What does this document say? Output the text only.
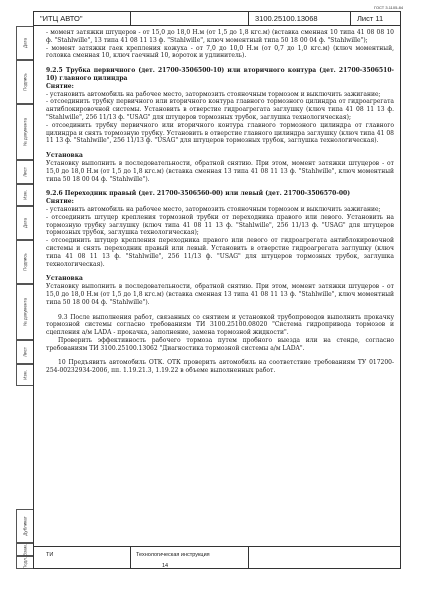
ГОСТ 3.1105-84
Дата
Подпись
№ документа
Лист
Изм.
Дата
Подпись
№ документа
Лист
Изм.
Дубликат
Взам.
Подл.
"ИТЦ АВТО"	3100.25100.13068	Лист 11

- момент затяжки штуцеров - от 15,0 до 18,0 Н.м (от 1,5 до 1,8 кгс.м) (вставка сменная 10 типа 41 08 08 10 ф. "Stahlwille", 13 типа 41 08 11 13 ф. "Stahlwille", ключ моментный типа 50 18 00 04 ф. "Stahlwille");

- момент затяжки гаек крепления кожуха - от 7,0 до 10,0 Н.м (от 0,7 до 1,0 кгс.м) (ключ моментный, головка сменная 10, ключ гаечный 10, вороток и удлинитель).

9.2.5 Трубка первичного (дет. 21700-3506500-10) или вторичного контура (дет. 21700-3506510-10) главного цилиндра

Снятие:

- установить автомобиль на рабочее место, затормозить стояночным тормозом и выключить зажигание;

- отсоединить трубку первичного или вторичного контура главного тормозного цилиндра от гидроагрегата антиблокировочной системы. Установить в отверстие гидроагрегата заглушку (ключ типа 41 08 11 13 ф. "Stahlwille", 256 11/13 ф. "USAG" для штуцеров тормозных трубок, заглушка технологическая);

- отсоединить трубку первичного или вторичного контура главного тормозного цилиндра от главного цилиндра и снять тормозную трубку. Установить в отверстие главного цилиндра заглушку (ключ типа 41 08 11 13 ф. "Stahlwille", 256 11/13 ф. "USAG" для штуцеров тормозных трубок, заглушка технологическая).

Установка

Установку выполнить в последовательности, обратной снятию. При этом, момент затяжки штуцеров - от 15,0 до 18,0 Н.м (от 1,5 до 1,8 кгс.м) (вставка сменная 13 типа 41 08 11 13 ф. "Stahlwille", ключ моментный типа 50 18 00 04 ф. "Stahlwille").

9.2.6 Переходник правый (дет. 21700-3506560-00) или левый (дет. 21700-3506570-00)

Снятие:

- установить автомобиль на рабочее место, затормозить стояночным тормозом и выключить зажигание;

- отсоединить штуцер крепления тормозной трубки от переходника правого или левого. Установить на тормозную трубку заглушку (ключ типа 41 08 11 13 ф. "Stahlwille", 256 11/13 ф. "USAG" для штуцеров тормозных трубок, заглушка технологическая);

- отсоединить штуцер крепления переходника правого или левого от гидроагрегата антиблокировочной системы и снять переходник правый или левый. Установить в отверстие гидроагрегата заглушку (ключ типа 41 08 11 13 ф. "Stahlwille", 256 11/13 ф. "USAG" для штуцеров тормозных трубок, заглушка технологическая).

Установка

Установку выполнить в последовательности, обратной снятию. При этом, момент затяжки штуцеров - от 15,0 до 18,0 Н.м (от 1,5 до 1,8 кгс.м) (вставка сменная 13 типа 41 08 11 13 ф. "Stahlwille", ключ моментный типа 50 18 00 04 ф. "Stahlwille").

9.3 После выполнения работ, связанных со снятием и установкой трубопроводов выполнить прокачку тормозной системы согласно требованиям ТИ 3100.25100.08020 "Система гидропривода тормозов и сцепления а/м LADA - прокачка, заполнение, замена тормозной жидкости".

Проверить эффективность рабочего тормоза путем пробного выезда или на стенде, согласно требованиям ТИ 3100.25100.13062 "Диагностика тормозной системы а/м LADA".

10 Предъявить автомобиль ОТК. ОТК проверить автомобиль на соответствие требованиям ТУ 017200-254-00232934-2006, пп. 1.19.21.3, 1.19.22 в объеме выполненных работ.

ТИ	Технологическая инструкция
14
